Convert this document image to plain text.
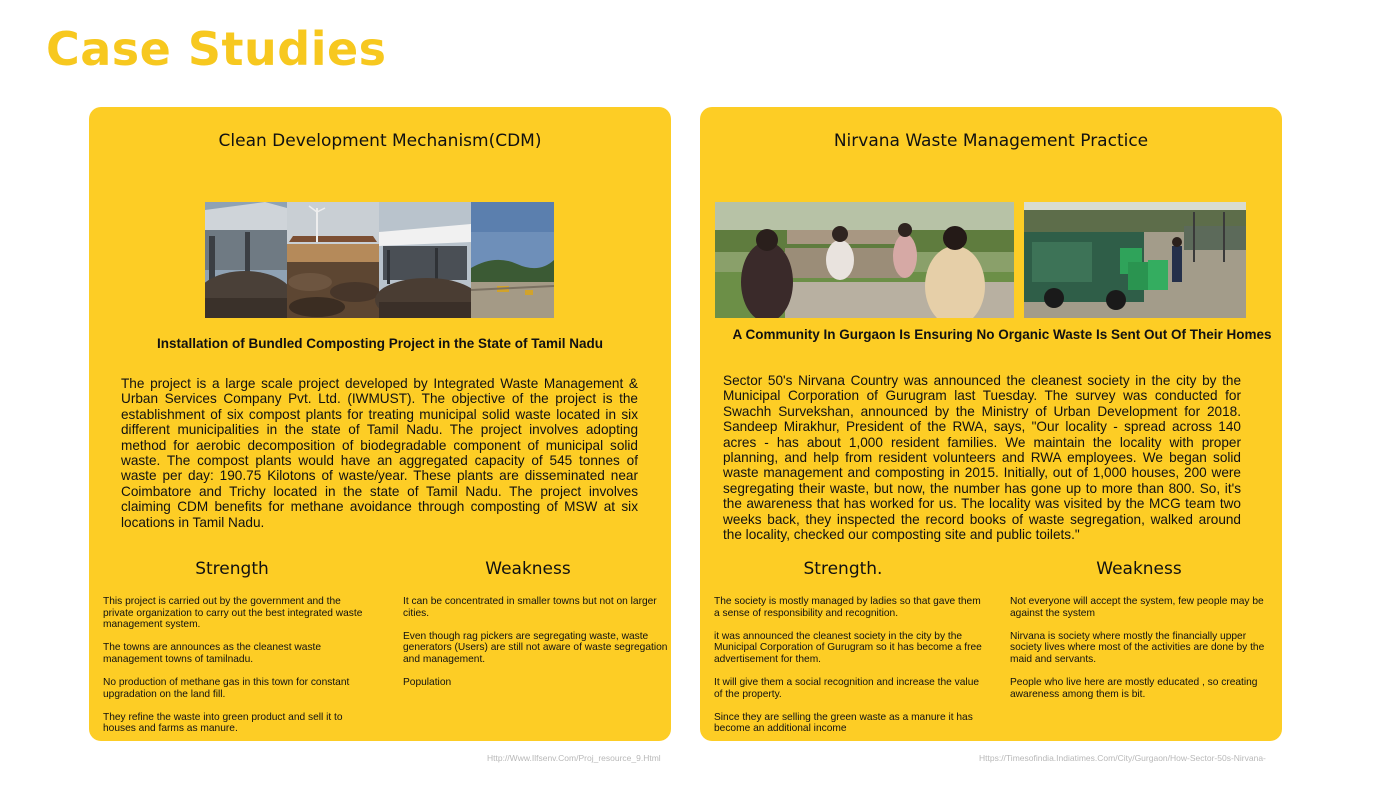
Case Studies
Clean Development Mechanism(CDM)
Installation of Bundled Composting Project in the State of Tamil Nadu
The project is a large scale project developed by Integrated Waste Management & Urban Services Company Pvt. Ltd. (IWMUST). The objective of the project is the establishment of six compost plants for treating municipal solid waste located in six different municipalities in the state of Tamil Nadu. The project involves adopting method for aerobic decomposition of biodegradable component of municipal solid waste. The compost plants would have an aggregated capacity of 545 tonnes of waste per day: 190.75 Kilotons of waste/year. These plants are disseminated near Coimbatore and Trichy located in the state of Tamil Nadu. The project involves claiming CDM benefits for methane avoidance through composting of MSW at six locations in Tamil Nadu.
Strength	Weakness

This project is carried out by the government and the private organization to carry out the best integrated waste management system.

The towns are announces as the cleanest waste management towns of tamilnadu.

No production of methane gas in this town for constant upgradation on the land fill.

They refine the waste into green product and sell it to houses and farms as manure.

It can be concentrated in smaller towns but not on larger cities.

Even though rag pickers are segregating waste, waste generators (Users) are still not aware of waste segregation and management.

Population

Nirvana Waste Management Practice
A Community In Gurgaon Is Ensuring No Organic Waste Is Sent Out Of Their Homes
Sector 50's Nirvana Country was announced the cleanest society in the city by the Municipal Corporation of Gurugram last Tuesday. The survey was conducted for Swachh Survekshan, announced by the Ministry of Urban Development for 2018. Sandeep Mirakhur, President of the RWA, says, "Our locality - spread across 140 acres - has about 1,000 resident families. We maintain the locality with proper planning, and help from resident volunteers and RWA employees. We began solid waste management and composting in 2015. Initially, out of 1,000 houses, 200 were segregating their waste, but now, the number has gone up to more than 800. So, it's the awareness that has worked for us. The locality was visited by the MCG team two weeks back, they inspected the record books of waste segregation, walked around the locality, checked our composting site and public toilets."
Strength.	Weakness

The society is mostly managed by ladies so that gave them a sense of responsibility and recognition.

it was announced the cleanest society in the city by the Municipal Corporation of Gurugram so it has become a free advertisement for them.

It will give them a social recognition and increase the value of the property.

Since they are selling the green waste as a manure it has become an additional income

Not everyone will accept the system, few people may be against the system

Nirvana is society where mostly the financially upper society lives where most of the activities are done by the maid and servants.

People who live here are mostly educated , so creating awareness among them is bit.

Http://Www.Ilfsenv.Com/Proj_resource_9.Html	Https://Timesofindia.Indiatimes.Com/City/Gurgaon/How-Sector-50s-Nirvana-
